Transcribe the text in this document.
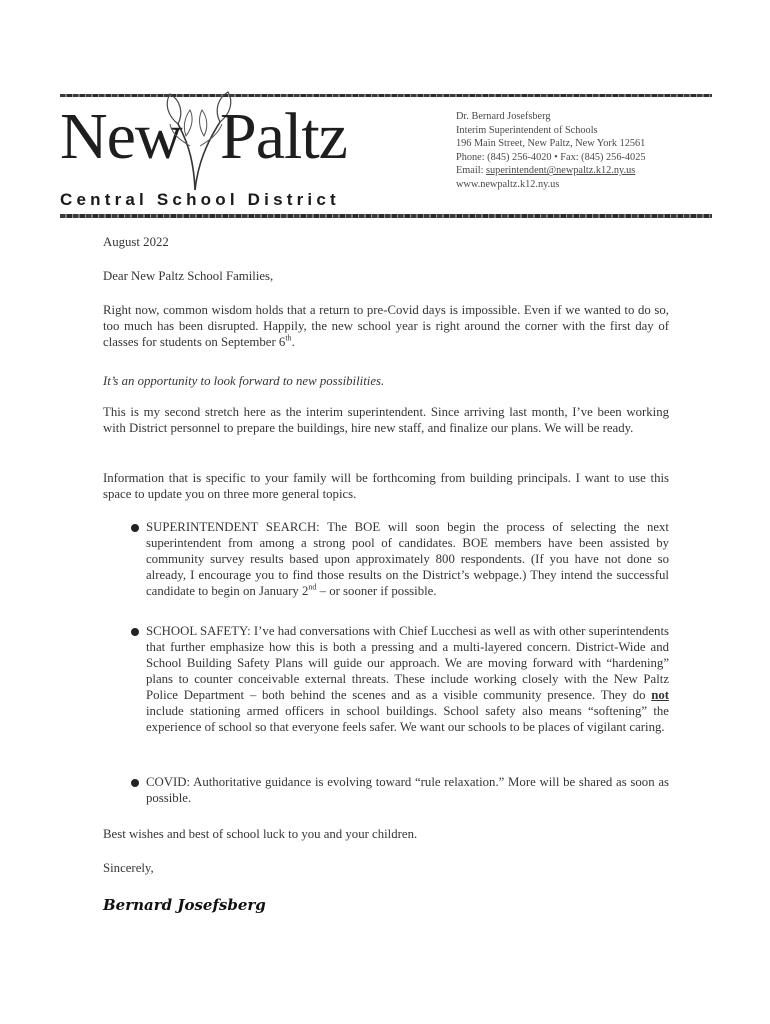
New Paltz
Central School District
Dr. Bernard Josefsberg
Interim Superintendent of Schools
196 Main Street, New Paltz, New York 12561
Phone: (845) 256-4020 • Fax: (845) 256-4025
Email: superintendent@newpaltz.k12.ny.us
www.newpaltz.k12.ny.us
August 2022
Dear New Paltz School Families,
Right now, common wisdom holds that a return to pre-Covid days is impossible. Even if we wanted to do so, too much has been disrupted. Happily, the new school year is right around the corner with the first day of classes for students on September 6th.
It’s an opportunity to look forward to new possibilities.
This is my second stretch here as the interim superintendent. Since arriving last month, I’ve been working with District personnel to prepare the buildings, hire new staff, and finalize our plans. We will be ready.
Information that is specific to your family will be forthcoming from building principals. I want to use this space to update you on three more general topics.
SUPERINTENDENT SEARCH: The BOE will soon begin the process of selecting the next superintendent from among a strong pool of candidates. BOE members have been assisted by community survey results based upon approximately 800 respondents. (If you have not done so already, I encourage you to find those results on the District’s webpage.) They intend the successful candidate to begin on January 2nd – or sooner if possible.
SCHOOL SAFETY: I’ve had conversations with Chief Lucchesi as well as with other superintendents that further emphasize how this is both a pressing and a multi-layered concern. District-Wide and School Building Safety Plans will guide our approach. We are moving forward with “hardening” plans to counter conceivable external threats. These include working closely with the New Paltz Police Department – both behind the scenes and as a visible community presence. They do not include stationing armed officers in school buildings. School safety also means “softening” the experience of school so that everyone feels safer. We want our schools to be places of vigilant caring.
COVID: Authoritative guidance is evolving toward “rule relaxation.” More will be shared as soon as possible.
Best wishes and best of school luck to you and your children.
Sincerely,
Bernard Josefsberg
